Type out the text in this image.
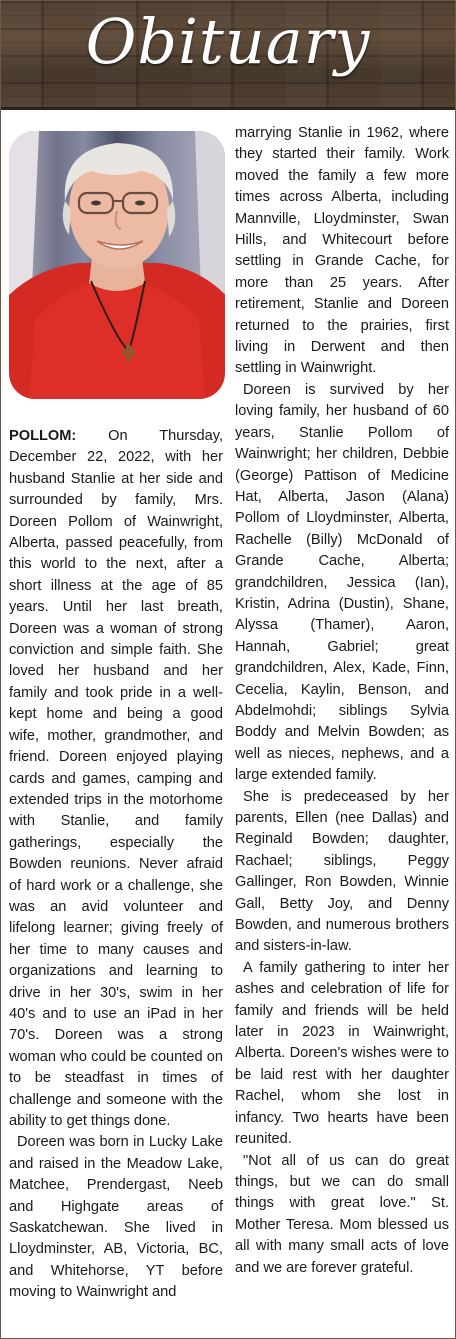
Obituary

POLLOM: On Thursday, December 22, 2022, with her husband Stanlie at her side and surrounded by family, Mrs. Doreen Pollom of Wainwright, Alberta, passed peacefully, from this world to the next, after a short illness at the age of 85 years. Until her last breath, Doreen was a woman of strong conviction and simple faith. She loved her husband and her family and took pride in a well-kept home and being a good wife, mother, grandmother, and friend. Doreen enjoyed playing cards and games, camping and extended trips in the motorhome with Stanlie, and family gatherings, especially the Bowden reunions. Never afraid of hard work or a challenge, she was an avid volunteer and lifelong learner; giving freely of her time to many causes and organizations and learning to drive in her 30's, swim in her 40's and to use an iPad in her 70's. Doreen was a strong woman who could be counted on to be steadfast in times of challenge and someone with the ability to get things done.

Doreen was born in Lucky Lake and raised in the Meadow Lake, Matchee, Prendergast, Neeb and Highgate areas of Saskatchewan. She lived in Lloydminster, AB, Victoria, BC, and Whitehorse, YT before moving to Wainwright and

marrying Stanlie in 1962, where they started their family. Work moved the family a few more times across Alberta, including Mannville, Lloydminster, Swan Hills, and Whitecourt before settling in Grande Cache, for more than 25 years. After retirement, Stanlie and Doreen returned to the prairies, first living in Derwent and then settling in Wainwright.

Doreen is survived by her loving family, her husband of 60 years, Stanlie Pollom of Wainwright; her children, Debbie (George) Pattison of Medicine Hat, Alberta, Jason (Alana) Pollom of Lloydminster, Alberta, Rachelle (Billy) McDonald of Grande Cache, Alberta; grandchildren, Jessica (Ian), Kristin, Adrina (Dustin), Shane, Alyssa (Thamer), Aaron, Hannah, Gabriel; great grandchildren, Alex, Kade, Finn, Cecelia, Kaylin, Benson, and Abdelmohdi; siblings Sylvia Boddy and Melvin Bowden; as well as nieces, nephews, and a large extended family.

She is predeceased by her parents, Ellen (nee Dallas) and Reginald Bowden; daughter, Rachael; siblings, Peggy Gallinger, Ron Bowden, Winnie Gall, Betty Joy, and Denny Bowden, and numerous brothers and sisters-in-law.

A family gathering to inter her ashes and celebration of life for family and friends will be held later in 2023 in Wainwright, Alberta. Doreen's wishes were to be laid rest with her daughter Rachel, whom she lost in infancy. Two hearts have been reunited.

"Not all of us can do great things, but we can do small things with great love." St. Mother Teresa. Mom blessed us all with many small acts of love and we are forever grateful.
